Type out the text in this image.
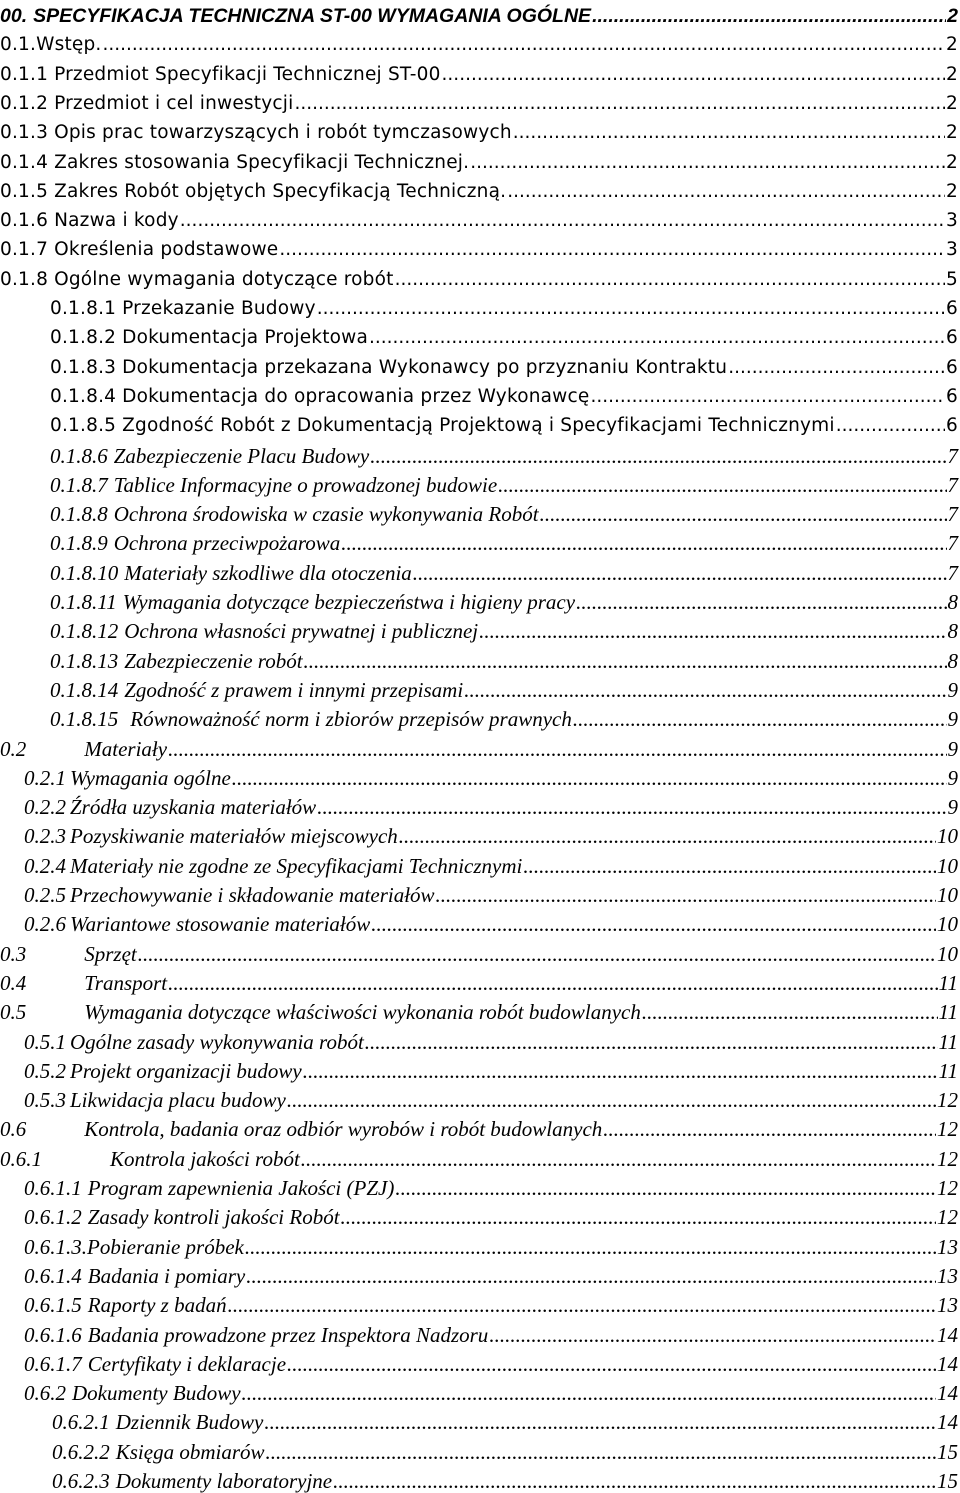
00. SPECYFIKACJA TECHNICZNA ST-00 WYMAGANIA OGÓLNE .....	2
0.1.Wstęp. .....	2
0.1.1 Przedmiot Specyfikacji Technicznej ST-00 .....	2
0.1.2 Przedmiot i cel inwestycji .....	2
0.1.3 Opis prac towarzyszących i robót tymczasowych .....	2
0.1.4 Zakres stosowania Specyfikacji Technicznej. .....	2
0.1.5 Zakres Robót objętych Specyfikacją Techniczną. .....	2
0.1.6 Nazwa i kody .....	3
0.1.7 Określenia podstawowe .....	3
0.1.8 Ogólne wymagania dotyczące robót .....	5
0.1.8.1 Przekazanie Budowy .....	6
0.1.8.2 Dokumentacja Projektowa .....	6
0.1.8.3 Dokumentacja przekazana Wykonawcy po przyznaniu Kontraktu .....	6
0.1.8.4 Dokumentacja do opracowania przez Wykonawcę .....	6
0.1.8.5 Zgodność Robót z Dokumentacją Projektową i Specyfikacjami Technicznymi .....	6
0.1.8.6 Zabezpieczenie Placu Budowy .....	7
0.1.8.7 Tablice Informacyjne o prowadzonej budowie .....	7
0.1.8.8 Ochrona środowiska w czasie wykonywania Robót .....	7
0.1.8.9 Ochrona przeciwpożarowa .....	7
0.1.8.10 Materiały szkodliwe dla otoczenia .....	7
0.1.8.11 Wymagania dotyczące bezpieczeństwa i higieny pracy .....	8
0.1.8.12 Ochrona własności prywatnej i publicznej .....	8
0.1.8.13 Zabezpieczenie robót .....	8
0.1.8.14 Zgodność z prawem i innymi przepisami .....	9
0.1.8.15 Równoważność norm i zbiorów przepisów prawnych .....	9
0.2	Materiały .....	9
0.2.1 Wymagania ogólne .....	9
0.2.2 Źródła uzyskania materiałów .....	9
0.2.3 Pozyskiwanie materiałów miejscowych .....	10
0.2.4 Materiały nie zgodne ze Specyfikacjami Technicznymi .....	10
0.2.5 Przechowywanie i składowanie materiałów .....	10
0.2.6 Wariantowe stosowanie materiałów .....	10
0.3	Sprzęt .....	10
0.4	Transport .....	11
0.5	Wymagania dotyczące właściwości wykonania robót budowlanych .....	11
0.5.1 Ogólne zasady wykonywania robót .....	11
0.5.2 Projekt organizacji budowy .....	11
0.5.3 Likwidacja placu budowy .....	12
0.6	Kontrola, badania oraz odbiór wyrobów i robót budowlanych .....	12
0.6.1	Kontrola jakości robót .....	12
0.6.1.1 Program zapewnienia Jakości (PZJ) .....	12
0.6.1.2 Zasady kontroli jakości Robót .....	12
0.6.1.3.Pobieranie próbek .....	13
0.6.1.4 Badania i pomiary .....	13
0.6.1.5 Raporty z badań .....	13
0.6.1.6 Badania prowadzone przez Inspektora Nadzoru .....	14
0.6.1.7 Certyfikaty i deklaracje .....	14
0.6.2 Dokumenty Budowy .....	14
0.6.2.1 Dziennik Budowy .....	14
0.6.2.2 Księga obmiarów .....	15
0.6.2.3 Dokumenty laboratoryjne .....	15
